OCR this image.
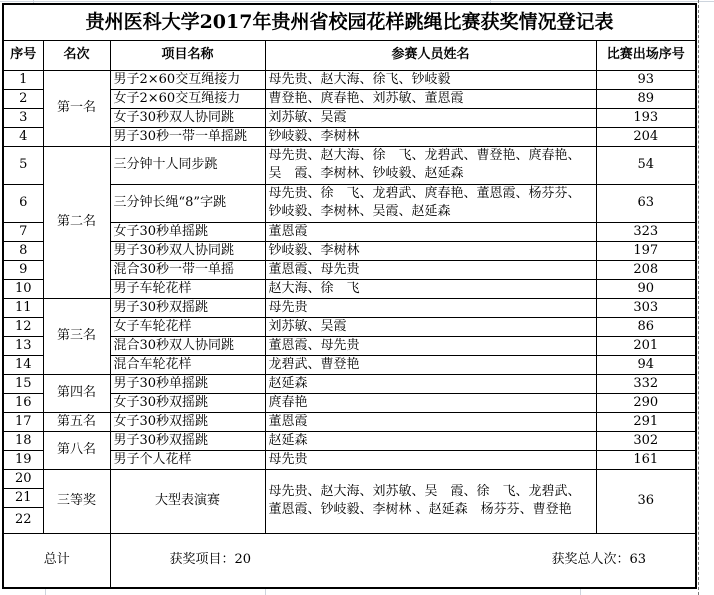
贵州医科大学2017年贵州省校园花样跳绳比赛获奖情况登记表				
序号	名次	项目名称	参赛人员姓名	比赛出场序号
1	第一名	男子2×60交互绳接力	母先贵、赵大海、徐飞、钞岐毅	93
2		女子2×60交互绳接力	曹登艳、庹春艳、刘苏敏、董恩霞	89
3		女子30秒双人协同跳	刘苏敏、吴霞	193
4		男子30秒一带一单摇跳	钞岐毅、李树林	204
5	第二名	三分钟十人同步跳	母先贵、赵大海、徐　飞、龙碧武、曹登艳、庹春艳、吴　霞、李树林、钞岐毅、赵延森	54
6		三分钟长绳“8”字跳	母先贵、徐　飞、龙碧武、庹春艳、董恩霞、杨芬芬、钞岐毅、李树林、吴霞、赵延森	63
7		女子30秒单摇跳	董恩霞	323
8		男子30秒双人协同跳	钞岐毅、李树林	197
9		混合30秒一带一单摇	董恩霞、母先贵	208
10		男子车轮花样	赵大海、徐　飞	90
11	第三名	男子30秒双摇跳	母先贵	303
12		女子车轮花样	刘苏敏、吴霞	86
13		混合30秒双人协同跳	董恩霞、母先贵	201
14		混合车轮花样	龙碧武、曹登艳	94
15	第四名	男子30秒单摇跳	赵延森	332
16		女子30秒双摇跳	庹春艳	290
17	第五名	女子30秒双摇跳	董恩霞	291
18	第八名	男子30秒双摇跳	赵延森	302
19		男子个人花样	母先贵	161
20	三等奖	大型表演赛	母先贵、赵大海、刘苏敏、吴　霞、徐　飞、龙碧武、董恩霞、钞岐毅、李树林 、赵延森　杨芬芬、曹登艳	36
21				
22				
总计		获奖项目：20 获奖总人次：63		
